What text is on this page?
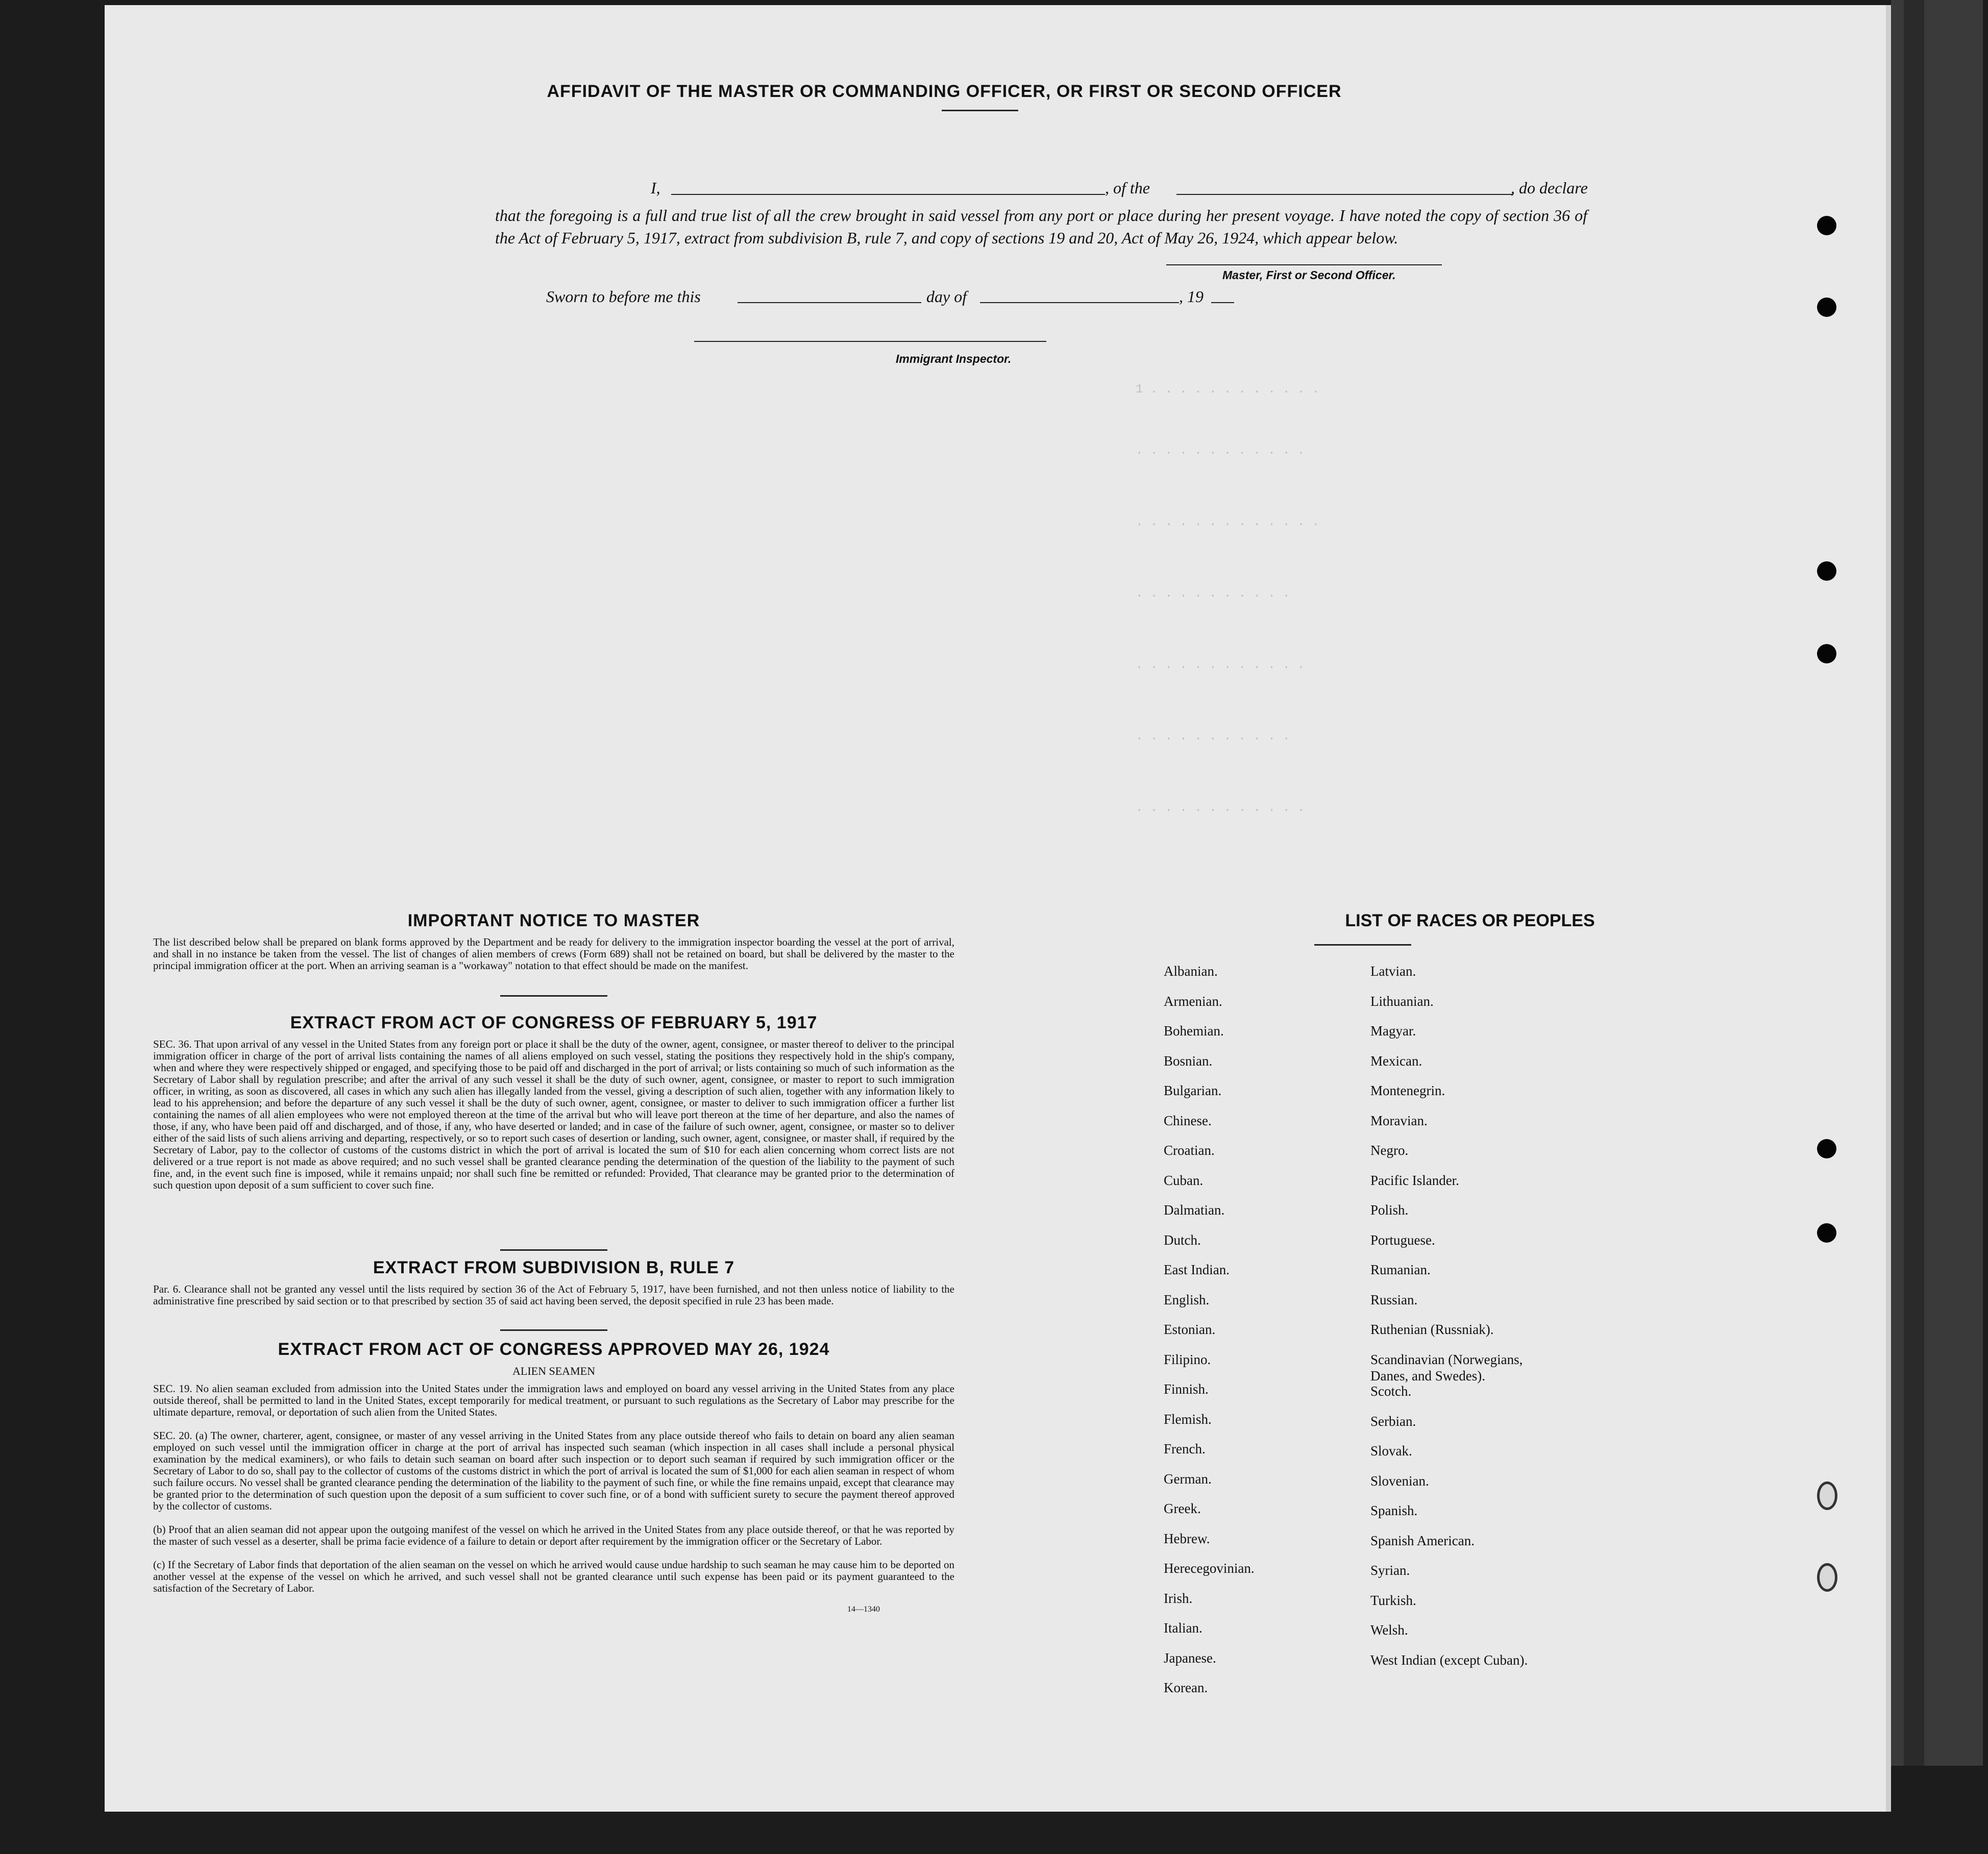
1 . . . . . . . . . . . .
. . . . . . . . . . . .
. . . . . . . . . . . . .
. . . . . . . . . . .
. . . . . . . . . . . .
. . . . . . . . . . .
. . . . . . . . . . . .
AFFIDAVIT OF THE MASTER OR COMMANDING OFFICER, OR FIRST OR SECOND OFFICER
I,	, of the	, do declare
that the foregoing is a full and true list of all the crew brought in said vessel from any port or place during her present voyage. I have noted the copy of section 36 of the Act of February 5, 1917, extract from subdivision B, rule 7, and copy of sections 19 and 20, Act of May 26, 1924, which appear below.
Master, First or Second Officer.
Sworn to before me this	day of	, 19
Immigrant Inspector.
IMPORTANT NOTICE TO MASTER
The list described below shall be prepared on blank forms approved by the Department and be ready for delivery to the immigration inspector boarding the vessel at the port of arrival, and shall in no instance be taken from the vessel. The list of changes of alien members of crews (Form 689) shall not be retained on board, but shall be delivered by the master to the principal immigration officer at the port. When an arriving seaman is a "workaway" notation to that effect should be made on the manifest.
EXTRACT FROM ACT OF CONGRESS OF FEBRUARY 5, 1917
SEC. 36. That upon arrival of any vessel in the United States from any foreign port or place it shall be the duty of the owner, agent, consignee, or master thereof to deliver to the principal immigration officer in charge of the port of arrival lists containing the names of all aliens employed on such vessel, stating the positions they respectively hold in the ship's company, when and where they were respectively shipped or engaged, and specifying those to be paid off and discharged in the port of arrival; or lists containing so much of such information as the Secretary of Labor shall by regulation prescribe; and after the arrival of any such vessel it shall be the duty of such owner, agent, consignee, or master to report to such immigration officer, in writing, as soon as discovered, all cases in which any such alien has illegally landed from the vessel, giving a description of such alien, together with any information likely to lead to his apprehension; and before the departure of any such vessel it shall be the duty of such owner, agent, consignee, or master to deliver to such immigration officer a further list containing the names of all alien employees who were not employed thereon at the time of the arrival but who will leave port thereon at the time of her departure, and also the names of those, if any, who have been paid off and discharged, and of those, if any, who have deserted or landed; and in case of the failure of such owner, agent, consignee, or master so to deliver either of the said lists of such aliens arriving and departing, respectively, or so to report such cases of desertion or landing, such owner, agent, consignee, or master shall, if required by the Secretary of Labor, pay to the collector of customs of the customs district in which the port of arrival is located the sum of $10 for each alien concerning whom correct lists are not delivered or a true report is not made as above required; and no such vessel shall be granted clearance pending the determination of the question of the liability to the payment of such fine, and, in the event such fine is imposed, while it remains unpaid; nor shall such fine be remitted or refunded: Provided, That clearance may be granted prior to the determination of such question upon deposit of a sum sufficient to cover such fine.
EXTRACT FROM SUBDIVISION B, RULE 7
Par. 6. Clearance shall not be granted any vessel until the lists required by section 36 of the Act of February 5, 1917, have been furnished, and not then unless notice of liability to the administrative fine prescribed by said section or to that prescribed by section 35 of said act having been served, the deposit specified in rule 23 has been made.
EXTRACT FROM ACT OF CONGRESS APPROVED MAY 26, 1924
ALIEN SEAMEN
SEC. 19. No alien seaman excluded from admission into the United States under the immigration laws and employed on board any vessel arriving in the United States from any place outside thereof, shall be permitted to land in the United States, except temporarily for medical treatment, or pursuant to such regulations as the Secretary of Labor may prescribe for the ultimate departure, removal, or deportation of such alien from the United States.
SEC. 20. (a) The owner, charterer, agent, consignee, or master of any vessel arriving in the United States from any place outside thereof who fails to detain on board any alien seaman employed on such vessel until the immigration officer in charge at the port of arrival has inspected such seaman (which inspection in all cases shall include a personal physical examination by the medical examiners), or who fails to detain such seaman on board after such inspection or to deport such seaman if required by such immigration officer or the Secretary of Labor to do so, shall pay to the collector of customs of the customs district in which the port of arrival is located the sum of $1,000 for each alien seaman in respect of whom such failure occurs. No vessel shall be granted clearance pending the determination of the liability to the payment of such fine, or while the fine remains unpaid, except that clearance may be granted prior to the determination of such question upon the deposit of a sum sufficient to cover such fine, or of a bond with sufficient surety to secure the payment thereof approved by the collector of customs.
(b) Proof that an alien seaman did not appear upon the outgoing manifest of the vessel on which he arrived in the United States from any place outside thereof, or that he was reported by the master of such vessel as a deserter, shall be prima facie evidence of a failure to detain or deport after requirement by the immigration officer or the Secretary of Labor.
(c) If the Secretary of Labor finds that deportation of the alien seaman on the vessel on which he arrived would cause undue hardship to such seaman he may cause him to be deported on another vessel at the expense of the vessel on which he arrived, and such vessel shall not be granted clearance until such expense has been paid or its payment guaranteed to the satisfaction of the Secretary of Labor.
14—1340
LIST OF RACES OR PEOPLES
Albanian.
Armenian.
Bohemian.
Bosnian.
Bulgarian.
Chinese.
Croatian.
Cuban.
Dalmatian.
Dutch.
East Indian.
English.
Estonian.
Filipino.
Finnish.
Flemish.
French.
German.
Greek.
Hebrew.
Herecegovinian.
Irish.
Italian.
Japanese.
Korean.
Latvian.
Lithuanian.
Magyar.
Mexican.
Montenegrin.
Moravian.
Negro.
Pacific Islander.
Polish.
Portuguese.
Rumanian.
Russian.
Ruthenian (Russniak).
Scandinavian (Norwegians,
Danes, and Swedes).
Scotch.
Serbian.
Slovak.
Slovenian.
Spanish.
Spanish American.
Syrian.
Turkish.
Welsh.
West Indian (except Cuban).
